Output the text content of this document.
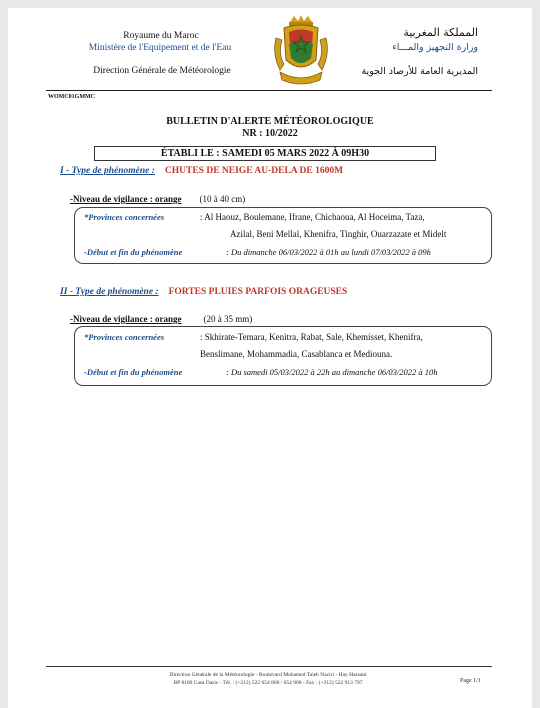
Royaume du Maroc
Ministère de l'Equipement et de l'Eau
Direction Générale de Météorologie
المملكة المغربية
وزارة التجهيز والمـــاء
المديرية العامة للأرصاد الجوية
WOMC01GMMC
BULLETIN D'ALERTE MÉTÉOROLOGIQUE
NR : 10/2022
ÉTABLI LE : SAMEDI 05 MARS 2022 À 09H30
I - Type de phénomène : CHUTES DE NEIGE AU-DELA DE 1600M
-Niveau de vigilance : orange (10 à 40 cm)
*Provinces concernées	: Al Haouz, Boulemane, Ifrane, Chichaoua, Al Hoceima, Taza,
Azilal, Beni Mellal, Khenifra, Tinghir, Ouarzazate et Midelt
-Début et fin du phénomène	: Du dimanche 06/03/2022 à 01h au lundi 07/03/2022 à 09h
II - Type de phénomène : FORTES PLUIES PARFOIS ORAGEUSES
-Niveau de vigilance : orange (20 à 35 mm)
*Provinces concernées	: Skhirate-Temara, Kenitra, Rabat, Sale, Khemisset, Khenifra,
Benslimane, Mohammadia, Casablanca et Mediouna.
-Début et fin du phénomène	: Du samedi 05/03/2022 à 22h au dimanche 06/03/2022 à 10h
Direction Générale de la Météorologie - Boulevard Mohamed Taieb Naciri - Hay Hassani
BP 8106 Casa Oasis - Tél. : (+212) 522 654 800 / 654 900 - Fax : (+212) 522 913 797	Page 1/1
